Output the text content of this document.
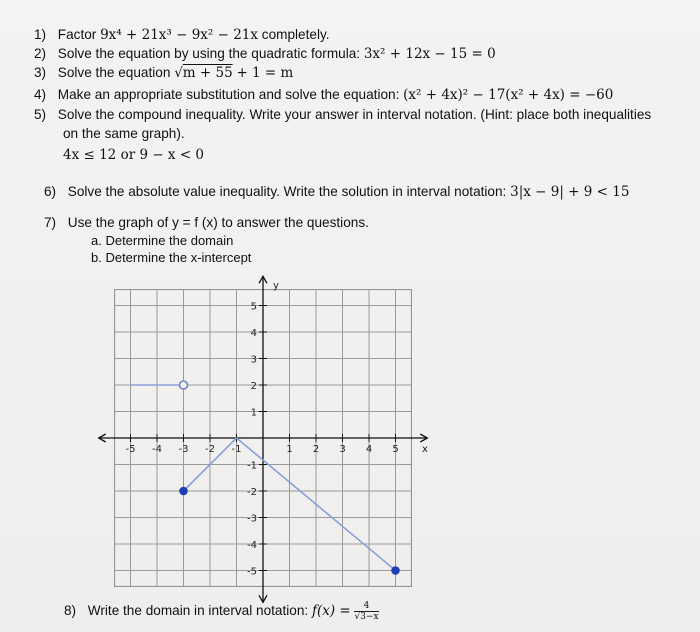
1) Factor 9x⁴ + 21x³ − 9x² − 21x completely.
2) Solve the equation by using the quadratic formula: 3x² + 12x − 15 = 0
3) Solve the equation √m + 55 + 1 = m
4) Make an appropriate substitution and solve the equation: (x² + 4x)² − 17(x² + 4x) = −60
5) Solve the compound inequality. Write your answer in interval notation. (Hint: place both inequalities
on the same graph).
4x ≤ 12 or 9 − x < 0
6) Solve the absolute value inequality. Write the solution in interval notation: 3|x − 9| + 9 < 15
7) Use the graph of y = f (x) to answer the questions.
a. Determine the domain
b. Determine the x-intercept
-5 -4 -3 -2 -1	1 2 3 4 5
5
4
3
2
1
-1
-2
-3
-4
-5
x
y
8) Write the domain in interval notation: $f(x) = \frac{4}{√3-x}$
